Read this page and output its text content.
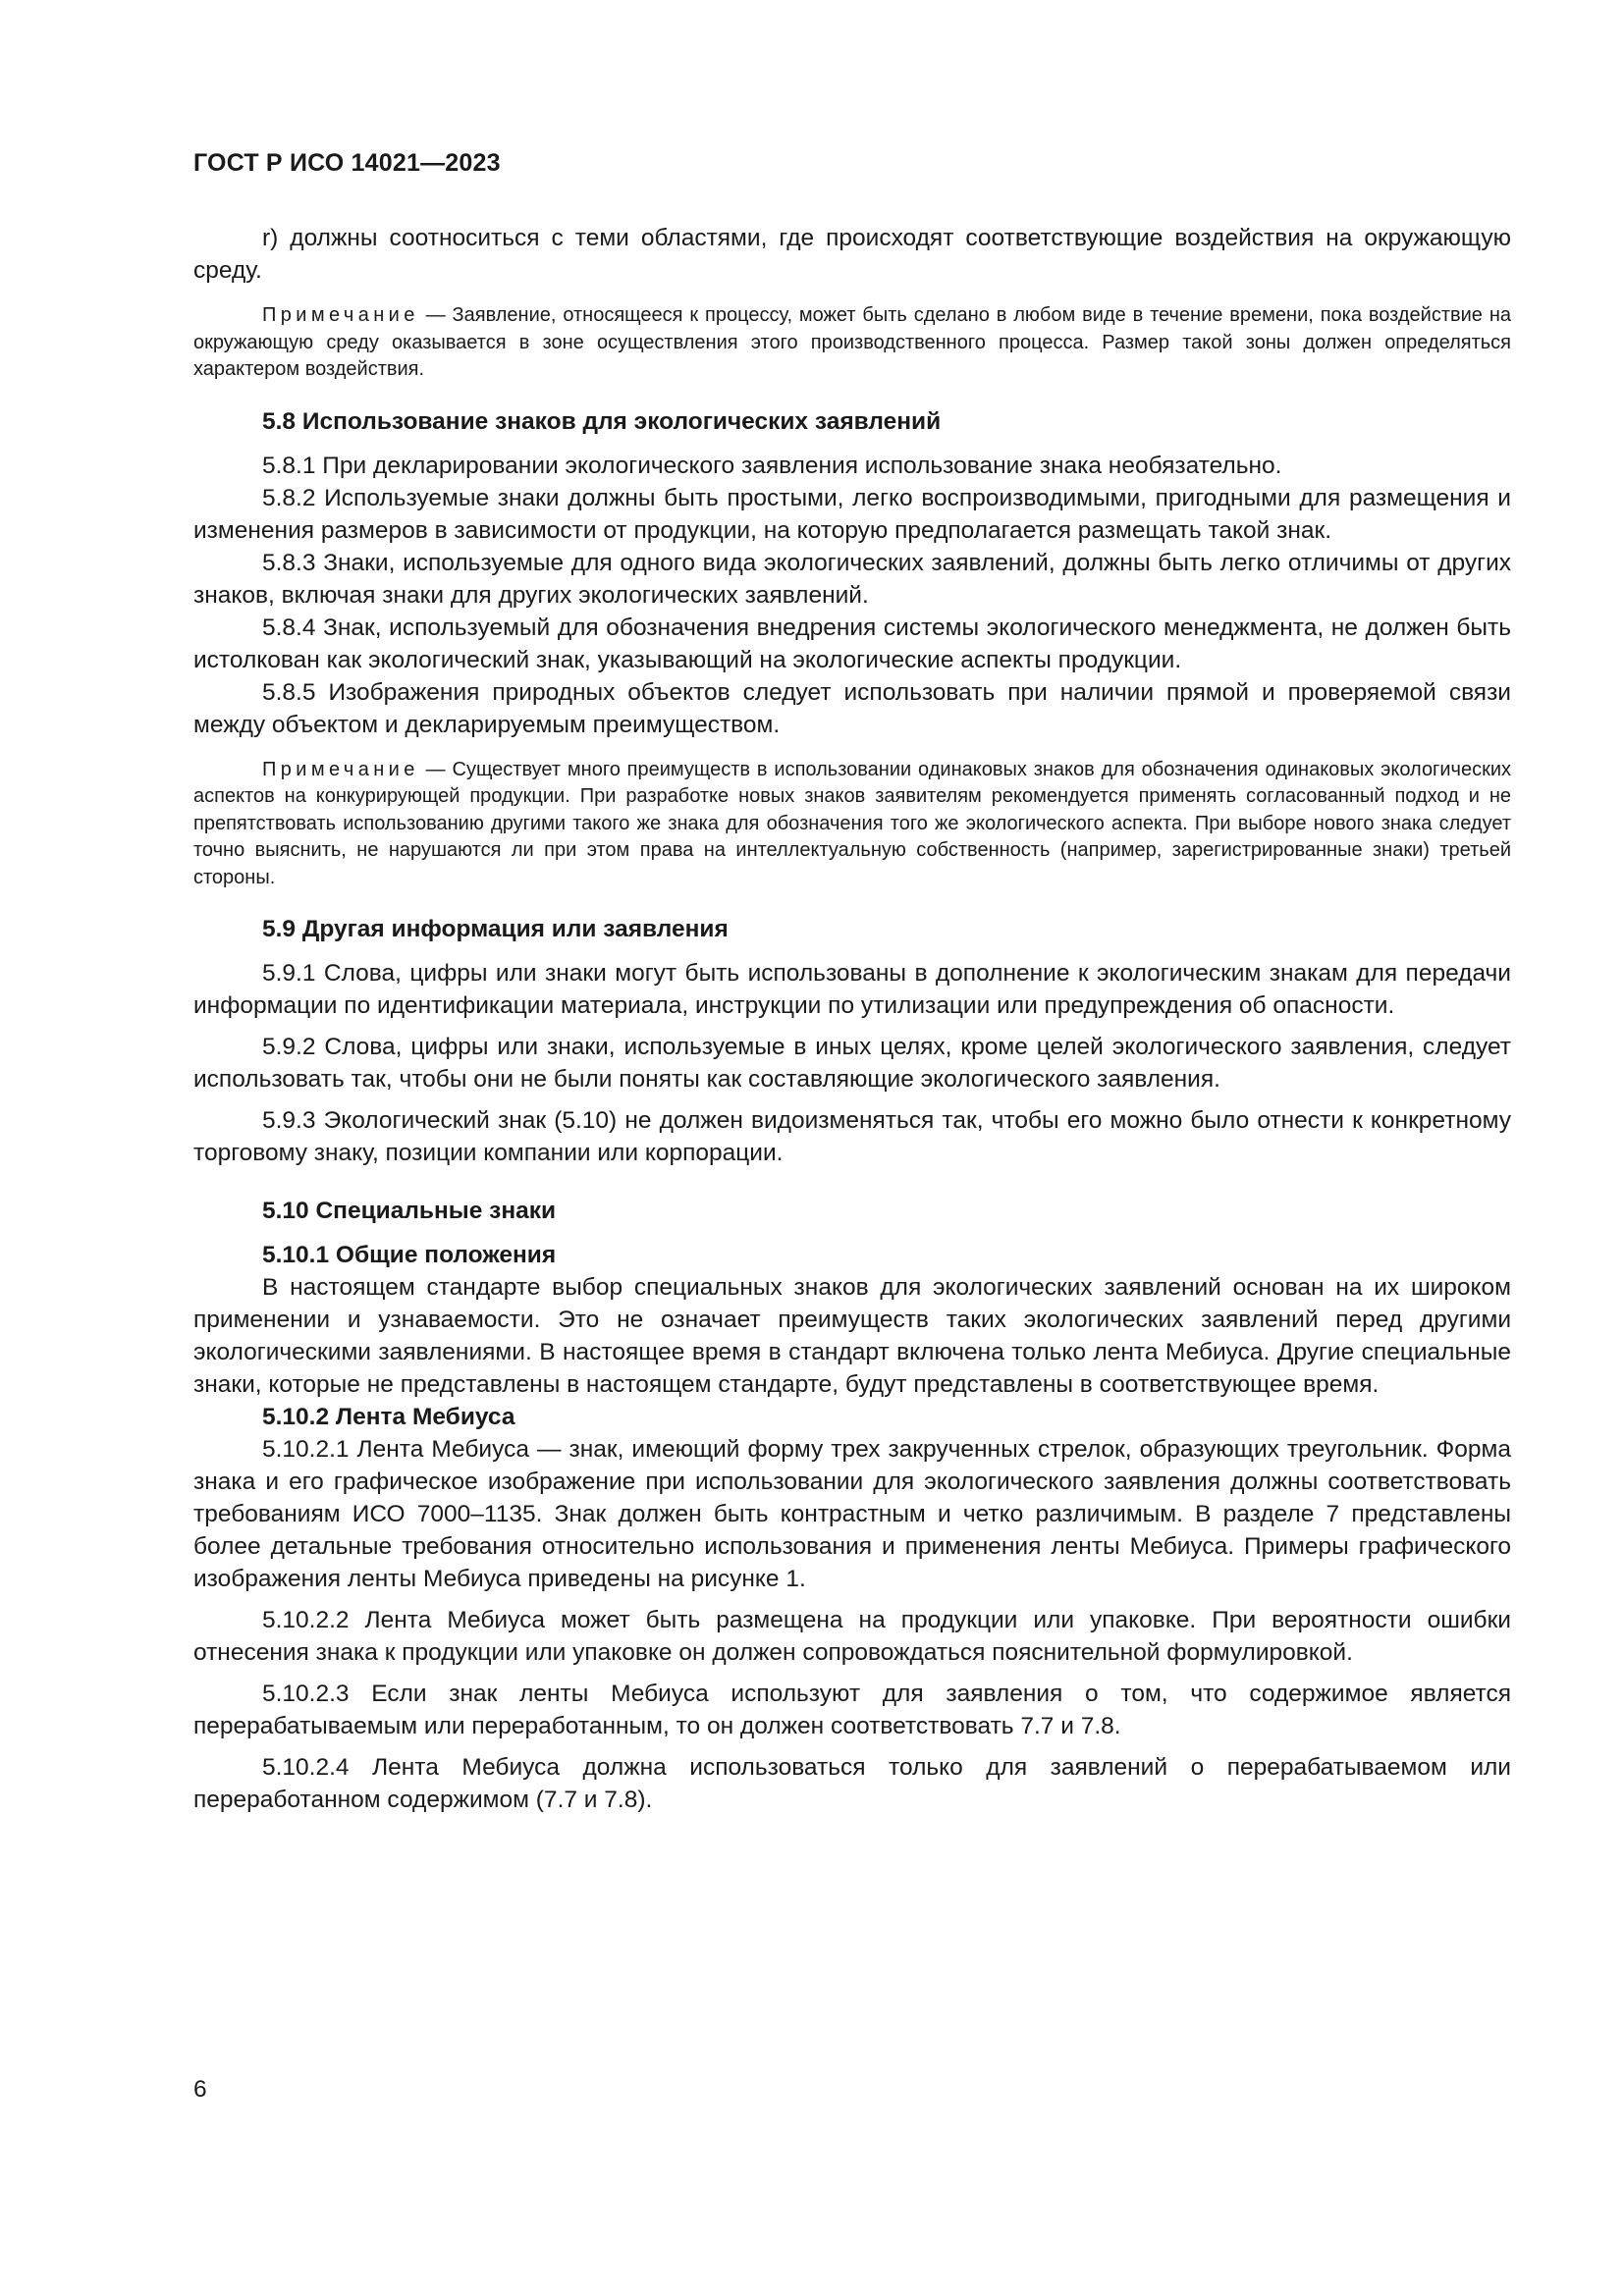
ГОСТ Р ИСО 14021—2023

r) должны соотноситься с теми областями, где происходят соответствующие воздействия на окружающую среду.

Примечание — Заявление, относящееся к процессу, может быть сделано в любом виде в течение времени, пока воздействие на окружающую среду оказывается в зоне осуществления этого производственного процесса. Размер такой зоны должен определяться характером воздействия.

5.8 Использование знаков для экологических заявлений

5.8.1 При декларировании экологического заявления использование знака необязательно.

5.8.2 Используемые знаки должны быть простыми, легко воспроизводимыми, пригодными для размещения и изменения размеров в зависимости от продукции, на которую предполагается размещать такой знак.

5.8.3 Знаки, используемые для одного вида экологических заявлений, должны быть легко отличимы от других знаков, включая знаки для других экологических заявлений.

5.8.4 Знак, используемый для обозначения внедрения системы экологического менеджмента, не должен быть истолкован как экологический знак, указывающий на экологические аспекты продукции.

5.8.5 Изображения природных объектов следует использовать при наличии прямой и проверяемой связи между объектом и декларируемым преимуществом.

Примечание — Существует много преимуществ в использовании одинаковых знаков для обозначения одинаковых экологических аспектов на конкурирующей продукции. При разработке новых знаков заявителям рекомендуется применять согласованный подход и не препятствовать использованию другими такого же знака для обозначения того же экологического аспекта. При выборе нового знака следует точно выяснить, не нарушаются ли при этом права на интеллектуальную собственность (например, зарегистрированные знаки) третьей стороны.

5.9 Другая информация или заявления

5.9.1 Слова, цифры или знаки могут быть использованы в дополнение к экологическим знакам для передачи информации по идентификации материала, инструкции по утилизации или предупреждения об опасности.

5.9.2 Слова, цифры или знаки, используемые в иных целях, кроме целей экологического заявления, следует использовать так, чтобы они не были поняты как составляющие экологического заявления.

5.9.3 Экологический знак (5.10) не должен видоизменяться так, чтобы его можно было отнести к конкретному торговому знаку, позиции компании или корпорации.

5.10 Специальные знаки
5.10.1 Общие положения

В настоящем стандарте выбор специальных знаков для экологических заявлений основан на их широком применении и узнаваемости. Это не означает преимуществ таких экологических заявлений перед другими экологическими заявлениями. В настоящее время в стандарт включена только лента Мебиуса. Другие специальные знаки, которые не представлены в настоящем стандарте, будут представлены в соответствующее время.

5.10.2 Лента Мебиуса

5.10.2.1 Лента Мебиуса — знак, имеющий форму трех закрученных стрелок, образующих треугольник. Форма знака и его графическое изображение при использовании для экологического заявления должны соответствовать требованиям ИСО 7000–1135. Знак должен быть контрастным и четко различимым. В разделе 7 представлены более детальные требования относительно использования и применения ленты Мебиуса. Примеры графического изображения ленты Мебиуса приведены на рисунке 1.

5.10.2.2 Лента Мебиуса может быть размещена на продукции или упаковке. При вероятности ошибки отнесения знака к продукции или упаковке он должен сопровождаться пояснительной формулировкой.

5.10.2.3 Если знак ленты Мебиуса используют для заявления о том, что содержимое является перерабатываемым или переработанным, то он должен соответствовать 7.7 и 7.8.

5.10.2.4 Лента Мебиуса должна использоваться только для заявлений о перерабатываемом или переработанном содержимом (7.7 и 7.8).

6
